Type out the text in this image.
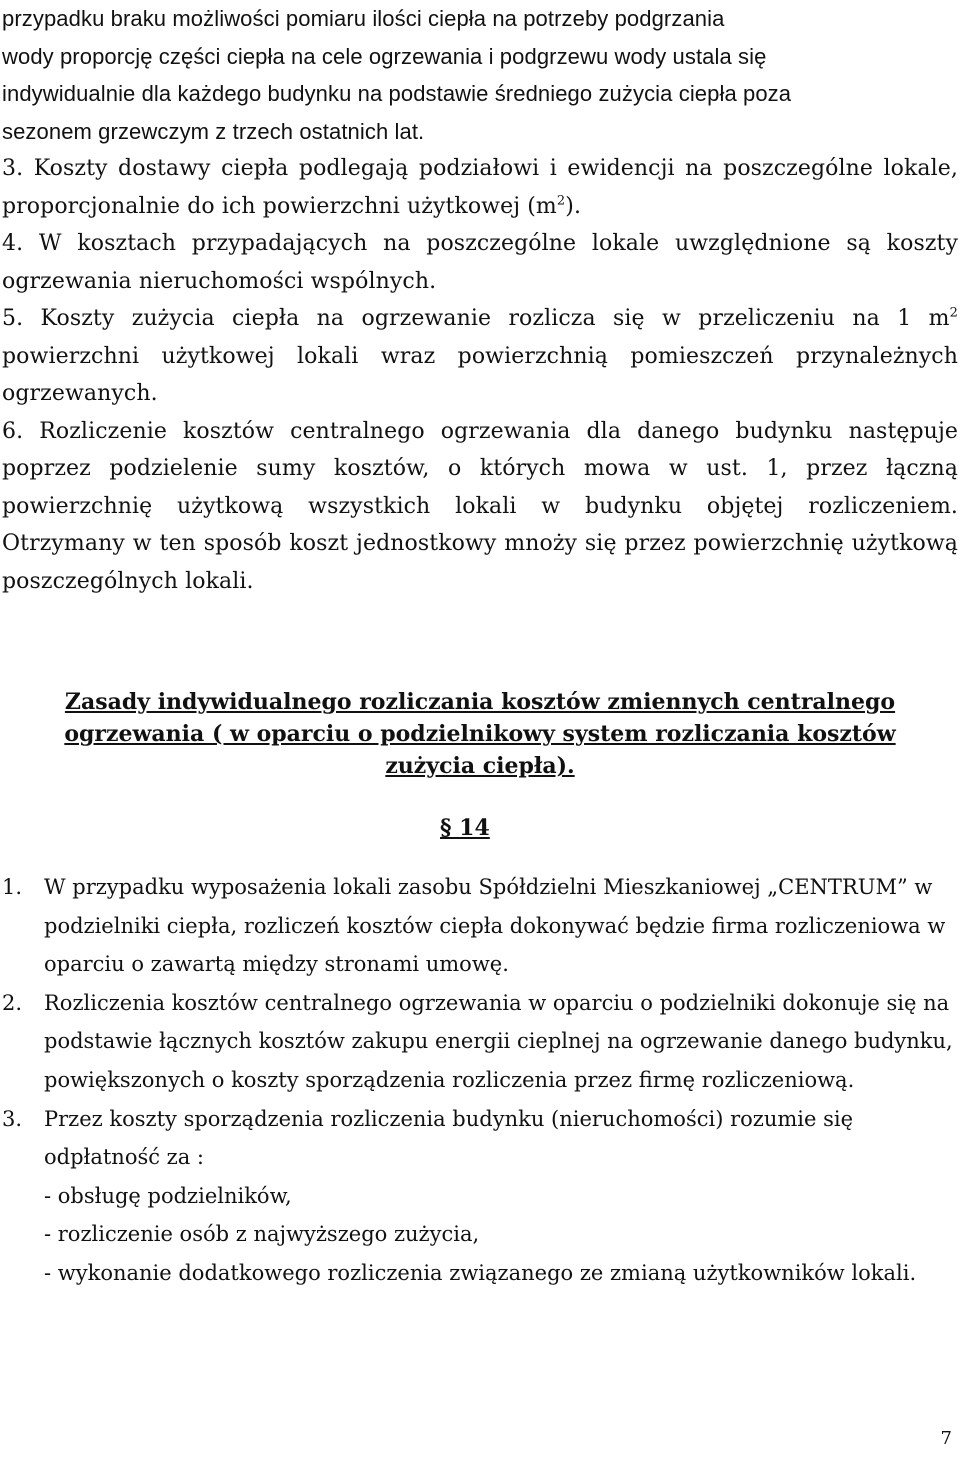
przypadku braku możliwości pomiaru ilości ciepła na potrzeby podgrzania

wody proporcję części ciepła na cele ogrzewania i podgrzewu wody ustala się

indywidualnie dla każdego budynku na podstawie średniego zużycia ciepła poza

sezonem grzewczym z trzech ostatnich lat.

3. Koszty dostawy ciepła podlegają podziałowi i ewidencji na poszczególne lokale, proporcjonalnie do ich powierzchni użytkowej $(m^2)$.

4. W kosztach przypadających na poszczególne lokale uwzględnione są koszty ogrzewania nieruchomości wspólnych.

5. Koszty zużycia ciepła na ogrzewanie rozlicza się w przeliczeniu na 1 $m^2$ powierzchni użytkowej lokali wraz powierzchnią pomieszczeń przynależnych ogrzewanych.

6. Rozliczenie kosztów centralnego ogrzewania dla danego budynku następuje poprzez podzielenie sumy kosztów, o których mowa w ust. 1, przez łączną powierzchnię użytkową wszystkich lokali w budynku objętej rozliczeniem. Otrzymany w ten sposób koszt jednostkowy mnoży się przez powierzchnię użytkową poszczególnych lokali.

Zasady indywidualnego rozliczania kosztów zmiennych centralnego ogrzewania ( w oparciu o podzielnikowy system rozliczania kosztów zużycia ciepła).
§ 14
1.	W przypadku wyposażenia lokali zasobu Spółdzielni Mieszkaniowej „CENTRUM” w podzielniki ciepła, rozliczeń kosztów ciepła dokonywać będzie firma rozliczeniowa w oparciu o zawartą między stronami umowę.
2.	Rozliczenia kosztów centralnego ogrzewania w oparciu o podzielniki dokonuje się na podstawie łącznych kosztów zakupu energii cieplnej na ogrzewanie danego budynku, powiększonych o koszty sporządzenia rozliczenia przez firmę rozliczeniową.
3.	Przez koszty sporządzenia rozliczenia budynku (nieruchomości) rozumie się odpłatność za :
- obsługę podzielników,
- rozliczenie osób z najwyższego zużycia,
- wykonanie dodatkowego rozliczenia związanego ze zmianą użytkowników lokali.
7
